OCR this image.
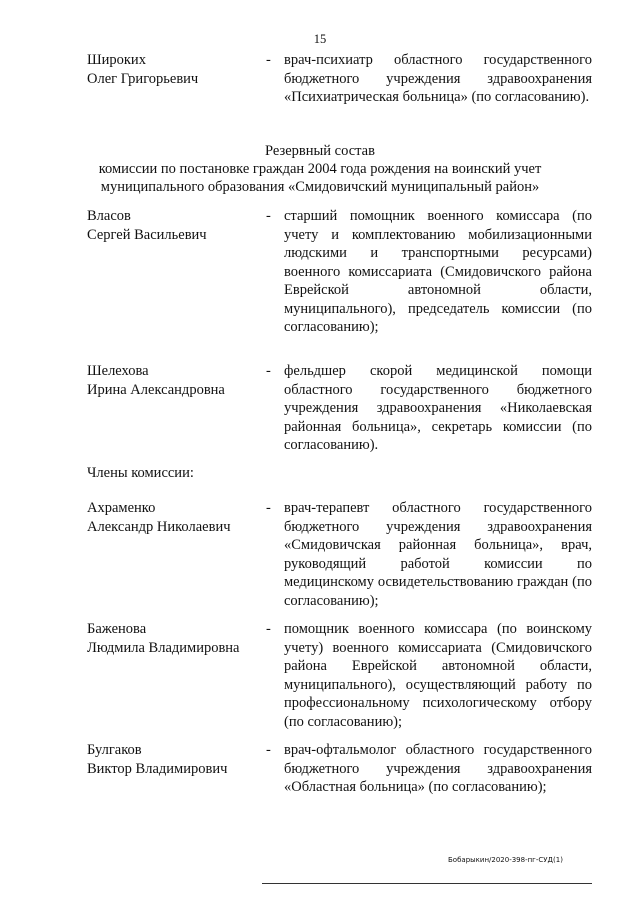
15
Широких
Олег Григорьевич
- врач-психиатр областного государственного бюджетного учреждения здравоохранения «Психиатрическая больница» (по согласованию).
Резервный состав
комиссии по постановке граждан 2004 года рождения на воинский учет
муниципального образования «Смидовичский муниципальный район»
Власов
Сергей Васильевич
- старший помощник военного комиссара (по учету и комплектованию мобилизационными людскими и транспортными ресурсами) военного комиссариата (Смидовичского района Еврейской автономной области, муниципального), председатель комиссии (по согласованию);
Шелехова
Ирина Александровна
- фельдшер скорой медицинской помощи областного государственного бюджетного учреждения здравоохранения «Николаевская районная больница», секретарь комиссии (по согласованию).
Члены комиссии:
Ахраменко
Александр Николаевич
- врач-терапевт областного государственного бюджетного учреждения здравоохранения «Смидовичская районная больница», врач, руководящий работой комиссии по медицинскому освидетельствованию граждан (по согласованию);
Баженова
Людмила Владимировна
- помощник военного комиссара (по воинскому учету) военного комиссариата (Смидовичского района Еврейской автономной области, муниципального), осуществляющий работу по профессиональному психологическому отбору (по согласованию);
Булгаков
Виктор Владимирович
- врач-офтальмолог областного государственного бюджетного учреждения здравоохранения «Областная больница» (по согласованию);
Бобарыкин/2020-398-пг-СУД(1)
